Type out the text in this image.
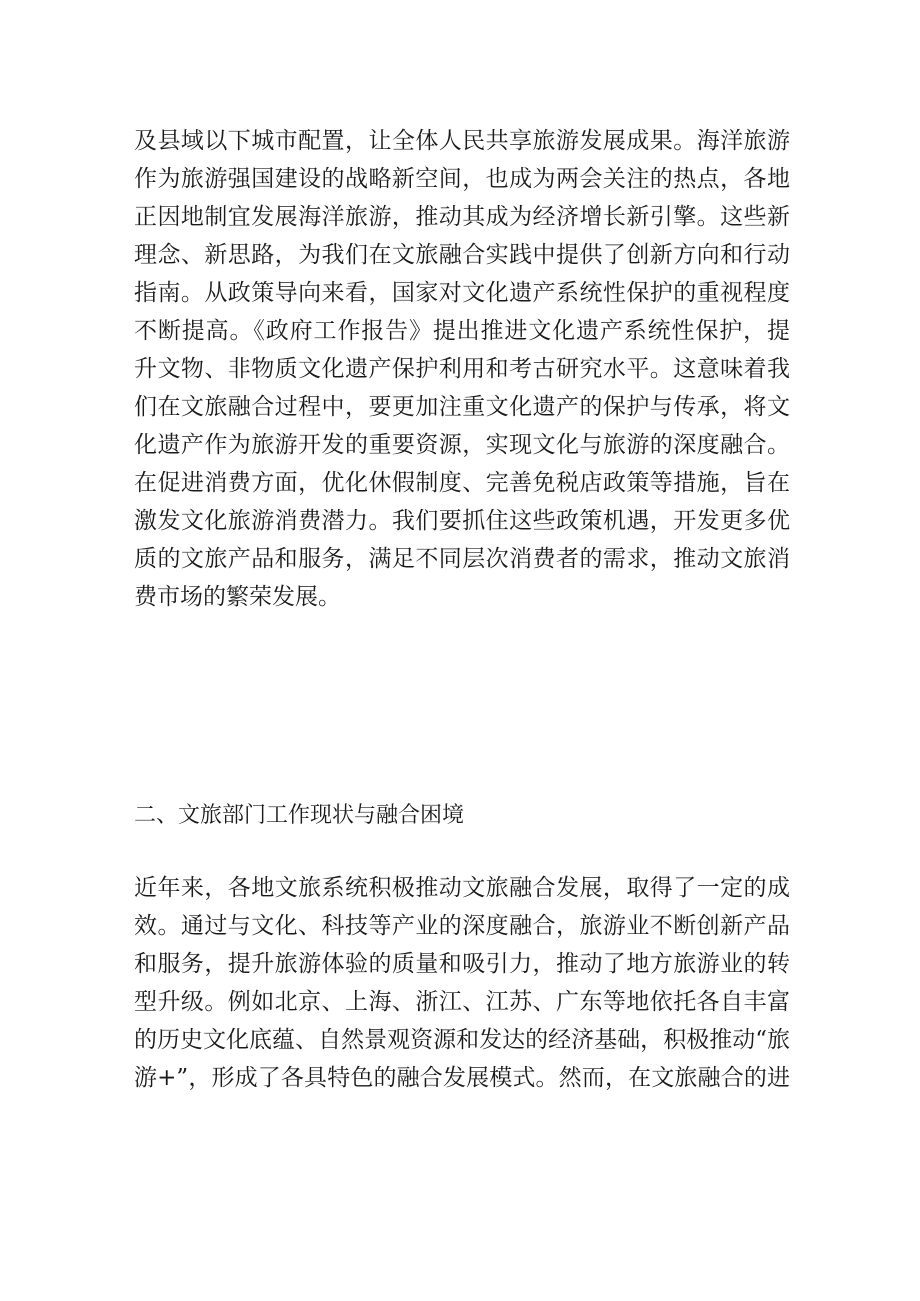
及县域以下城市配置，让全体人民共享旅游发展成果。海洋旅游
作为旅游强国建设的战略新空间，也成为两会关注的热点，各地
正因地制宜发展海洋旅游，推动其成为经济增长新引擎。这些新
理念、新思路，为我们在文旅融合实践中提供了创新方向和行动
指南。从政策导向来看，国家对文化遗产系统性保护的重视程度
不断提高。《政府工作报告》提出推进文化遗产系统性保护，提
升文物、非物质文化遗产保护利用和考古研究水平。这意味着我
们在文旅融合过程中，要更加注重文化遗产的保护与传承，将文
化遗产作为旅游开发的重要资源，实现文化与旅游的深度融合。
在促进消费方面，优化休假制度、完善免税店政策等措施，旨在
激发文化旅游消费潜力。我们要抓住这些政策机遇，开发更多优
质的文旅产品和服务，满足不同层次消费者的需求，推动文旅消
费市场的繁荣发展。
二、文旅部门工作现状与融合困境
近年来，各地文旅系统积极推动文旅融合发展，取得了一定的成
效。通过与文化、科技等产业的深度融合，旅游业不断创新产品
和服务，提升旅游体验的质量和吸引力，推动了地方旅游业的转
型升级。例如北京、上海、浙江、江苏、广东等地依托各自丰富
的历史文化底蕴、自然景观资源和发达的经济基础，积极推动“旅
游+”，形成了各具特色的融合发展模式。然而，在文旅融合的进
